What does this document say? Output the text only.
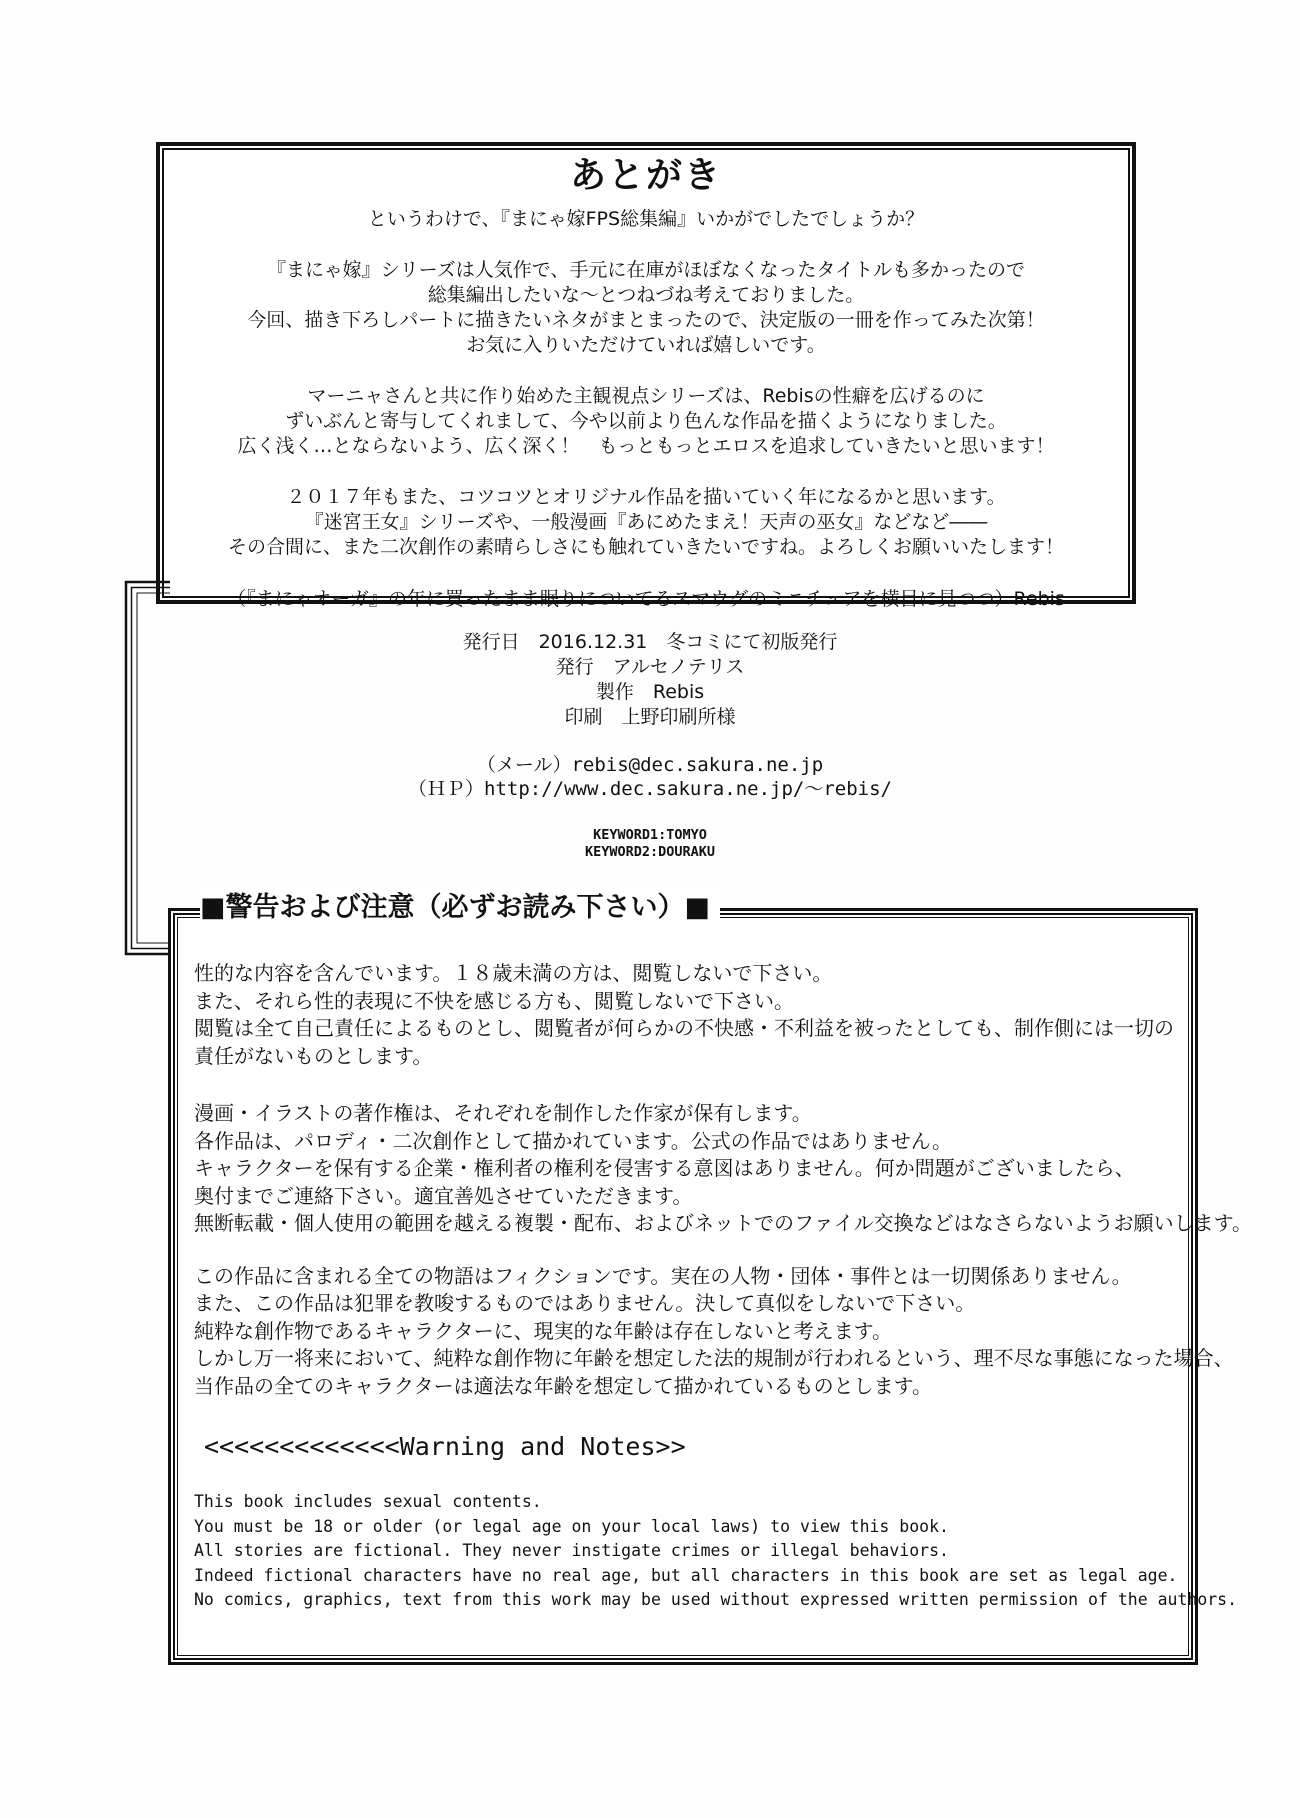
あとがき

というわけで、『まにゃ嫁FPS総集編』いかがでしたでしょうか？

『まにゃ嫁』シリーズは人気作で、手元に在庫がほぼなくなったタイトルも多かったので

総集編出したいな～とつねづね考えておりました。

今回、描き下ろしパートに描きたいネタがまとまったので、決定版の一冊を作ってみた次第！

お気に入りいただけていれば嬉しいです。

マーニャさんと共に作り始めた主観視点シリーズは、Rebisの性癖を広げるのに

ずいぶんと寄与してくれまして、今や以前より色んな作品を描くようになりました。

広く浅く…とならないよう、広く深く！　もっともっとエロスを追求していきたいと思います！

２０１７年もまた、コツコツとオリジナル作品を描いていく年になるかと思います。

『迷宮王女』シリーズや、一般漫画『あにめたまえ！天声の巫女』などなど――

その合間に、また二次創作の素晴らしさにも触れていきたいですね。よろしくお願いいたします！

（『まにゃオーガ』の年に買ったまま眠りについてるスマウグのミニチュアを横目に見つつ）Rebis

発行日　2016.12.31　冬コミにて初版発行

発行　アルセノテリス

製作　Rebis

印刷　上野印刷所様

（メール）rebis@dec.sakura.ne.jp

（ＨＰ）http://www.dec.sakura.ne.jp/～rebis/

KEYWORD1:TOMYO

KEYWORD2:DOURAKU

性的な内容を含んでいます。１８歳未満の方は、閲覧しないで下さい。

また、それら性的表現に不快を感じる方も、閲覧しないで下さい。

閲覧は全て自己責任によるものとし、閲覧者が何らかの不快感・不利益を被ったとしても、制作側には一切の

責任がないものとします。

漫画・イラストの著作権は、それぞれを制作した作家が保有します。

各作品は、パロディ・二次創作として描かれています。公式の作品ではありません。

キャラクターを保有する企業・権利者の権利を侵害する意図はありません。何か問題がございましたら、

奥付までご連絡下さい。適宜善処させていただきます。

無断転載・個人使用の範囲を越える複製・配布、およびネットでのファイル交換などはなさらないようお願いします。

この作品に含まれる全ての物語はフィクションです。実在の人物・団体・事件とは一切関係ありません。

また、この作品は犯罪を教唆するものではありません。決して真似をしないで下さい。

純粋な創作物であるキャラクターに、現実的な年齢は存在しないと考えます。

しかし万一将来において、純粋な創作物に年齢を想定した法的規制が行われるという、理不尽な事態になった場合、

当作品の全てのキャラクターは適法な年齢を想定して描かれているものとします。

<<<<<<<<<<<<<Warning and Notes>>

This book includes sexual contents.

You must be 18 or older (or legal age on your local laws) to view this book.

All stories are fictional. They never instigate crimes or illegal behaviors.

Indeed fictional characters have no real age, but all characters in this book are set as legal age.

No comics, graphics, text from this work may be used without expressed written permission of the authors.

■警告および注意（必ずお読み下さい）■
